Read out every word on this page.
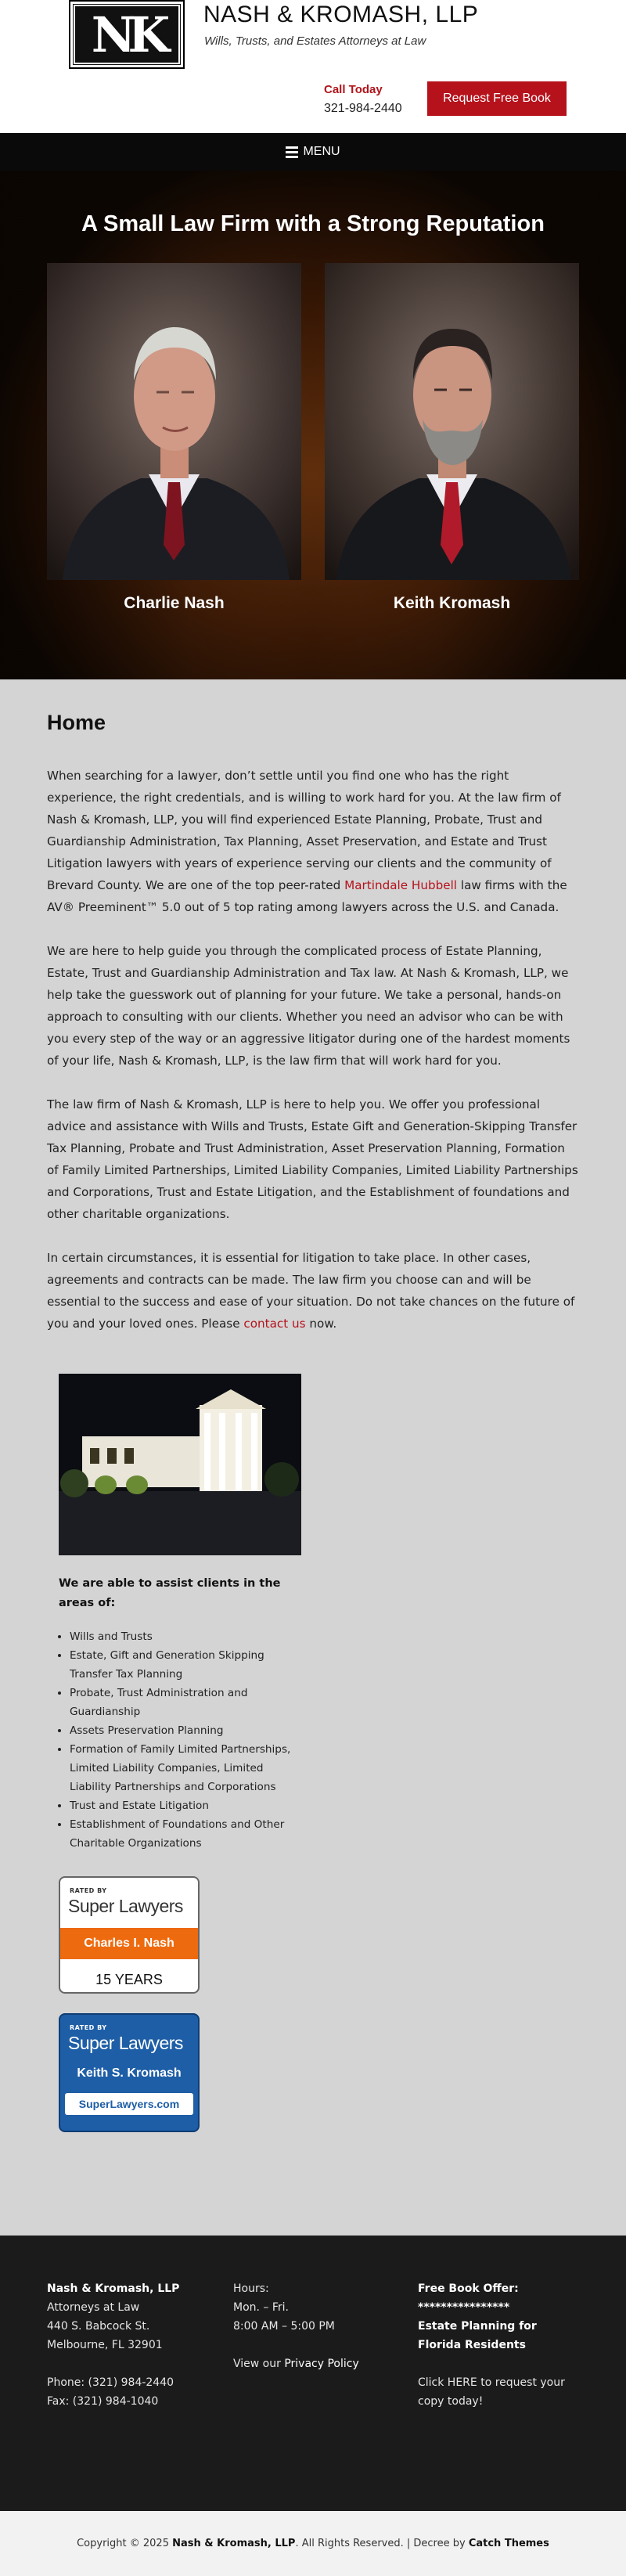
NK	NASH & KROMASH, LLP
Wills, Trusts, and Estates Attorneys at Law
Call Today
321-984-2440
Request Free Book
MENU
A Small Law Firm with a Strong Reputation
Charlie Nash	Keith Kromash
Home

When searching for a lawyer, don’t settle until you find one who has the right experience, the right credentials, and is willing to work hard for you. At the law firm of Nash & Kromash, LLP, you will find experienced Estate Planning, Probate, Trust and Guardianship Administration, Tax Planning, Asset Preservation, and Estate and Trust Litigation lawyers with years of experience serving our clients and the community of Brevard County. We are one of the top peer-rated Martindale Hubbell law firms with the AV® Preeminent™ 5.0 out of 5 top rating among lawyers across the U.S. and Canada.

We are here to help guide you through the complicated process of Estate Planning, Estate, Trust and Guardianship Administration and Tax law. At Nash & Kromash, LLP, we help take the guesswork out of planning for your future. We take a personal, hands-on approach to consulting with our clients. Whether you need an advisor who can be with you every step of the way or an aggressive litigator during one of the hardest moments of your life, Nash & Kromash, LLP, is the law firm that will work hard for you.

The law firm of Nash & Kromash, LLP is here to help you. We offer you professional advice and assistance with Wills and Trusts, Estate Gift and Generation-Skipping Transfer Tax Planning, Probate and Trust Administration, Asset Preservation Planning, Formation of Family Limited Partnerships, Limited Liability Companies, Limited Liability Partnerships and Corporations, Trust and Estate Litigation, and the Establishment of foundations and other charitable organizations.

In certain circumstances, it is essential for litigation to take place. In other cases, agreements and contracts can be made. The law firm you choose can and will be essential to the success and ease of your situation. Do not take chances on the future of you and your loved ones. Please contact us now.

We are able to assist clients in the areas of:

• Wills and Trusts
• Estate, Gift and Generation Skipping Transfer Tax Planning
• Probate, Trust Administration and Guardianship
• Assets Preservation Planning
• Formation of Family Limited Partnerships, Limited Liability Companies, Limited Liability Partnerships and Corporations
• Trust and Estate Litigation
• Establishment of Foundations and Other Charitable Organizations
RATED BY
Super Lawyers
Charles I. Nash
15 YEARS
RATED BY
Super Lawyers
Keith S. Kromash
SuperLawyers.com
Nash & Kromash, LLP
Attorneys at Law
440 S. Babcock St.
Melbourne, FL 32901
Phone: (321) 984-2440
Fax: (321) 984-1040
Hours:
Mon. – Fri.
8:00 AM – 5:00 PM
View our Privacy Policy
Free Book Offer:
****************
Estate Planning for Florida Residents
Click HERE to request your copy today!
Copyright © 2025 Nash & Kromash, LLP. All Rights Reserved. | Decree by Catch Themes
